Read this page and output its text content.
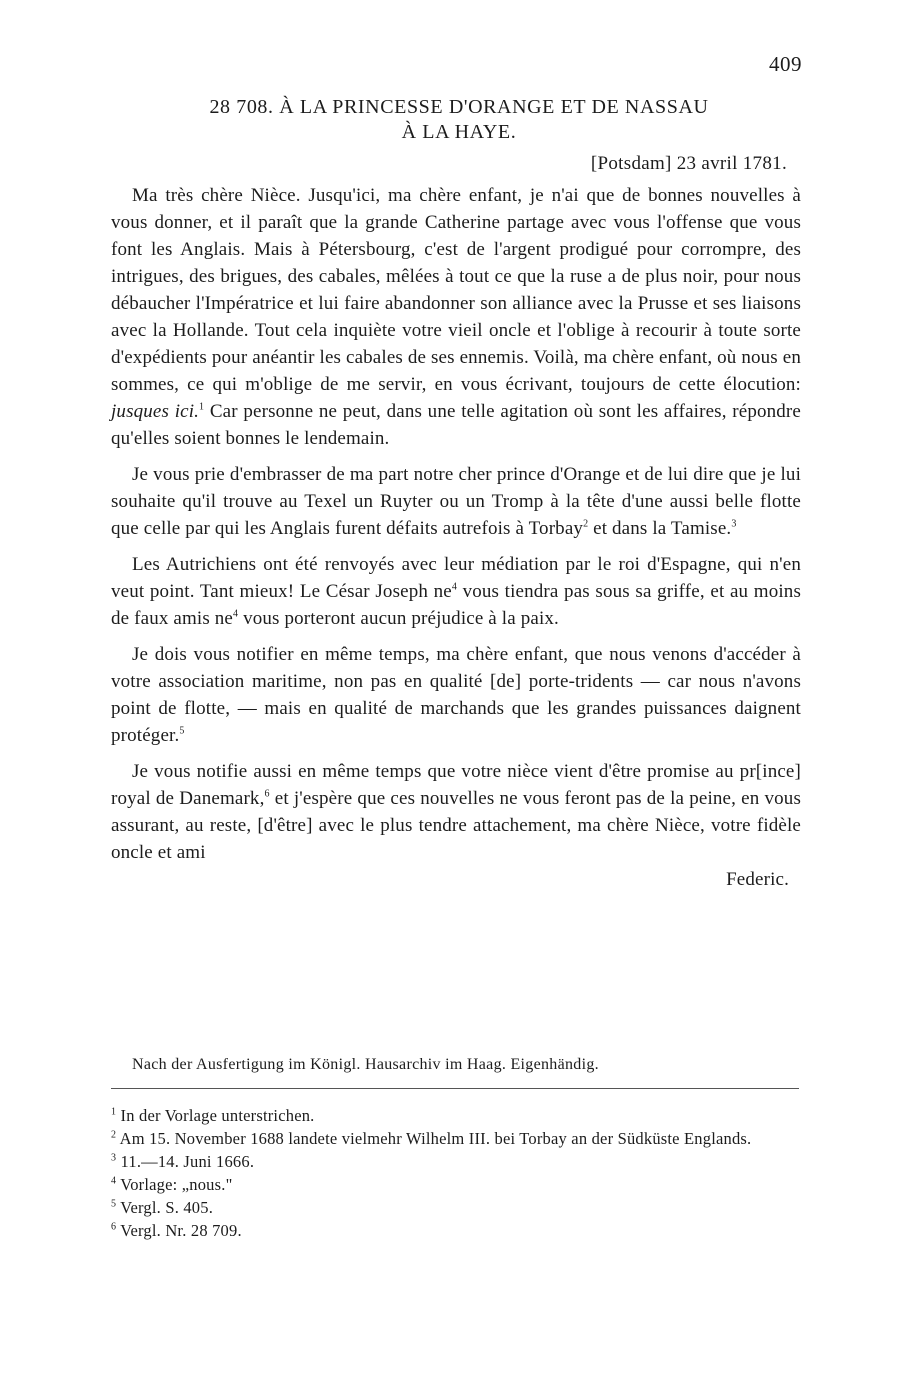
409
28 708. À LA PRINCESSE D'ORANGE ET DE NASSAU
À LA HAYE.
[Potsdam] 23 avril 1781.

Ma très chère Nièce. Jusqu'ici, ma chère enfant, je n'ai que de bonnes nouvelles à vous donner, et il paraît que la grande Catherine partage avec vous l'offense que vous font les Anglais. Mais à Pétersbourg, c'est de l'argent prodigué pour corrompre, des intrigues, des brigues, des cabales, mêlées à tout ce que la ruse a de plus noir, pour nous débaucher l'Impératrice et lui faire abandonner son alliance avec la Prusse et ses liaisons avec la Hollande. Tout cela inquiète votre vieil oncle et l'oblige à recourir à toute sorte d'expédients pour anéantir les cabales de ses ennemis. Voilà, ma chère enfant, où nous en sommes, ce qui m'oblige de me servir, en vous écrivant, toujours de cette élocution: jusques ici.$^1$ Car personne ne peut, dans une telle agitation où sont les affaires, répondre qu'elles soient bonnes le lendemain.

Je vous prie d'embrasser de ma part notre cher prince d'Orange et de lui dire que je lui souhaite qu'il trouve au Texel un Ruyter ou un Tromp à la tête d'une aussi belle flotte que celle par qui les Anglais furent défaits autrefois à Torbay$^2$ et dans la Tamise.$^3$

Les Autrichiens ont été renvoyés avec leur médiation par le roi d'Espagne, qui n'en veut point. Tant mieux! Le César Joseph $ne^4$ vous tiendra pas sous sa griffe, et au moins de faux amis $ne^4$ vous porteront aucun préjudice à la paix.

Je dois vous notifier en même temps, ma chère enfant, que nous venons d'accéder à votre association maritime, non pas en qualité [de] porte-tridents — car nous n'avons point de flotte, — mais en qualité de marchands que les grandes puissances daignent protéger.$^5$

Je vous notifie aussi en même temps que votre nièce vient d'être promise au pr[ince] royal de Danemark,$^6$ et j'espère que ces nouvelles ne vous feront pas de la peine, en vous assurant, au reste, [d'être] avec le plus tendre attachement, ma chère Nièce, votre fidèle oncle et ami

Federic.
Nach der Ausfertigung im Königl. Hausarchiv im Haag. Eigenhändig.

$^1$ In der Vorlage unterstrichen.

$^2$ Am 15. November 1688 landete vielmehr Wilhelm III. bei Torbay an der Südküste Englands.

$^3$ 11.—14. Juni 1666.

$^4$ Vorlage: „nous."

$^5$ Vergl. S. 405.

$^6$ Vergl. Nr. 28 709.
